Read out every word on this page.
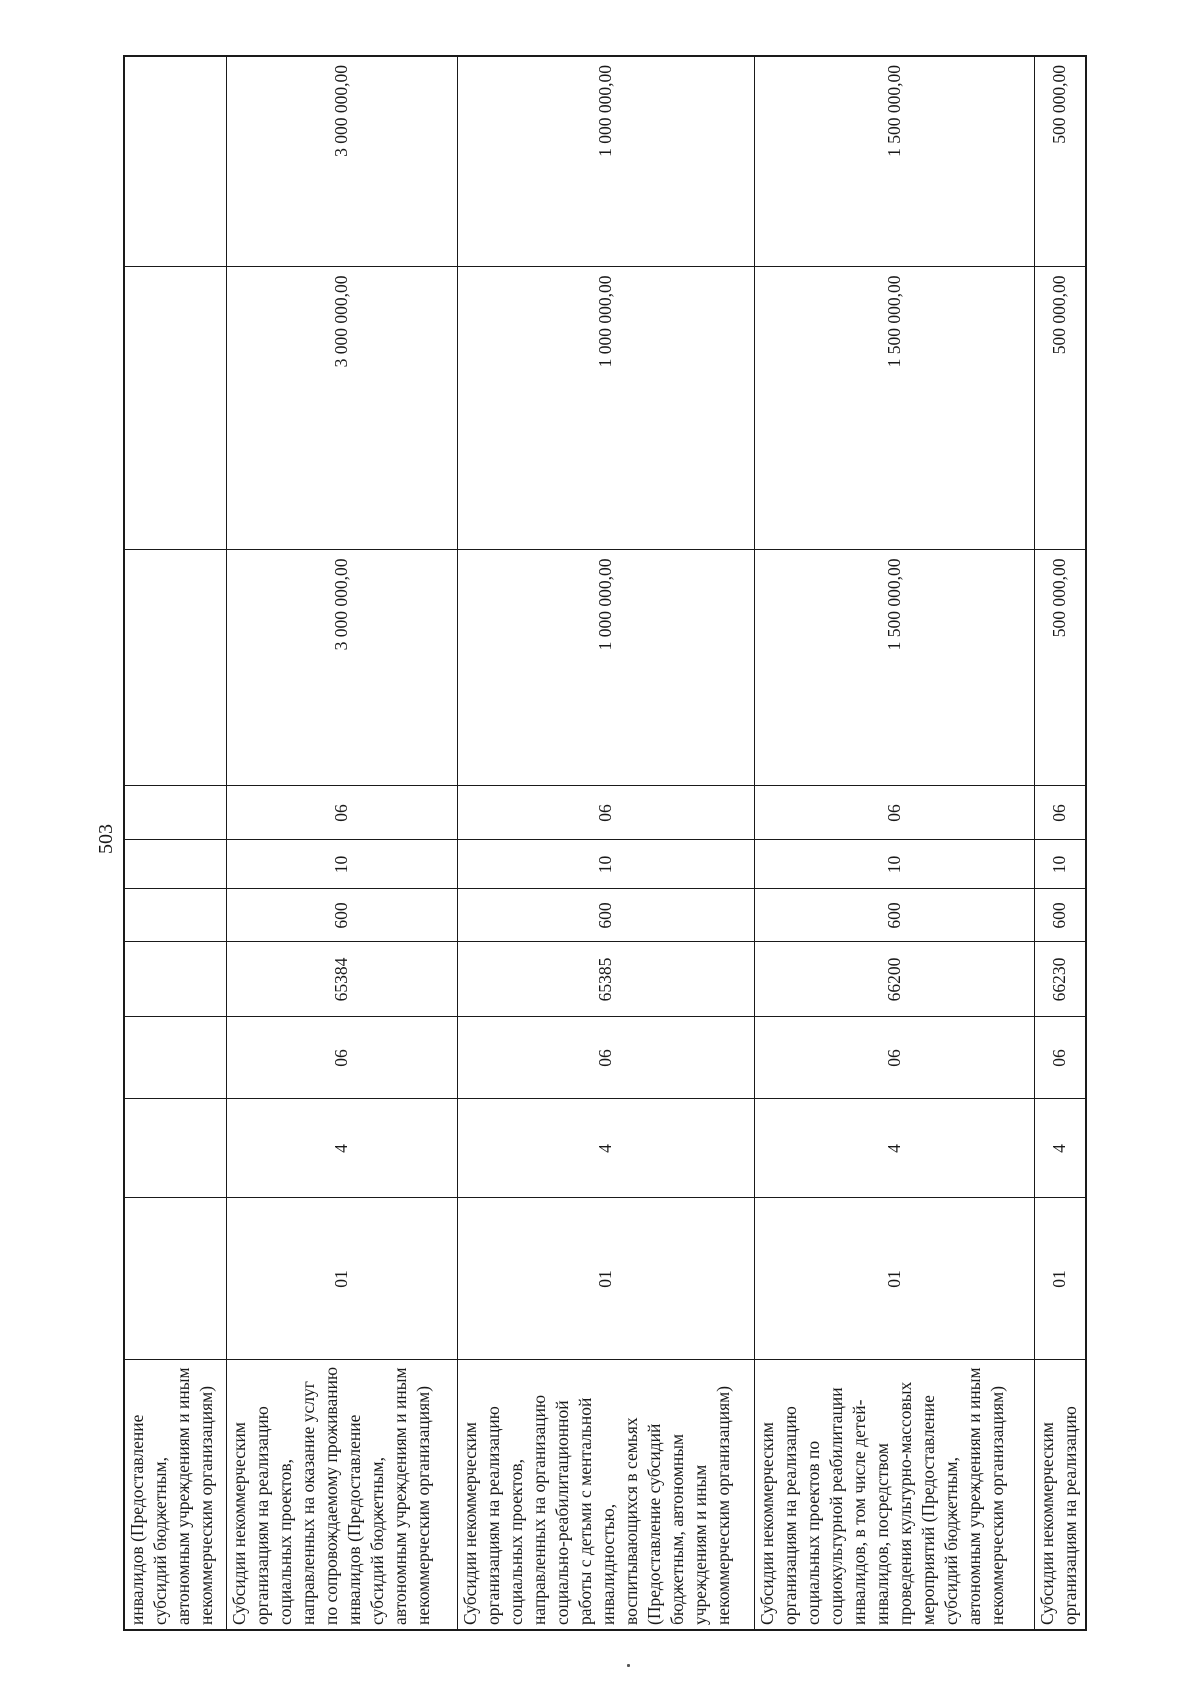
503
инвалидов (Предоставление субсидий бюджетным, автономным учреждениям и иным некоммерческим организациям)										
Субсидии некоммерческим организациям на реализацию социальных проектов, направленных на оказание услуг по сопровождаемому проживанию инвалидов (Предоставление субсидий бюджетным, автономным учреждениям и иным некоммерческим организациям)	01	4	06	65384	600	10	06	3 000 000,00	3 000 000,00	3 000 000,00
Субсидии некоммерческим организациям на реализацию социальных проектов, направленных на организацию социально-реабилитационной работы с детьми с ментальной инвалидностью, воспитывающихся в семьях (Предоставление субсидий бюджетным, автономным учреждениям и иным некоммерческим организациям)	01	4	06	65385	600	10	06	1 000 000,00	1 000 000,00	1 000 000,00
Субсидии некоммерческим организациям на реализацию социальных проектов по социокультурной реабилитации инвалидов, в том числе детей-инвалидов, посредством проведения культурно-массовых мероприятий (Предоставление субсидий бюджетным, автономным учреждениям и иным некоммерческим организациям)	01	4	06	66200	600	10	06	1 500 000,00	1 500 000,00	1 500 000,00
Субсидии некоммерческим организациям на реализацию	01	4	06	66230	600	10	06	500 000,00	500 000,00	500 000,00
